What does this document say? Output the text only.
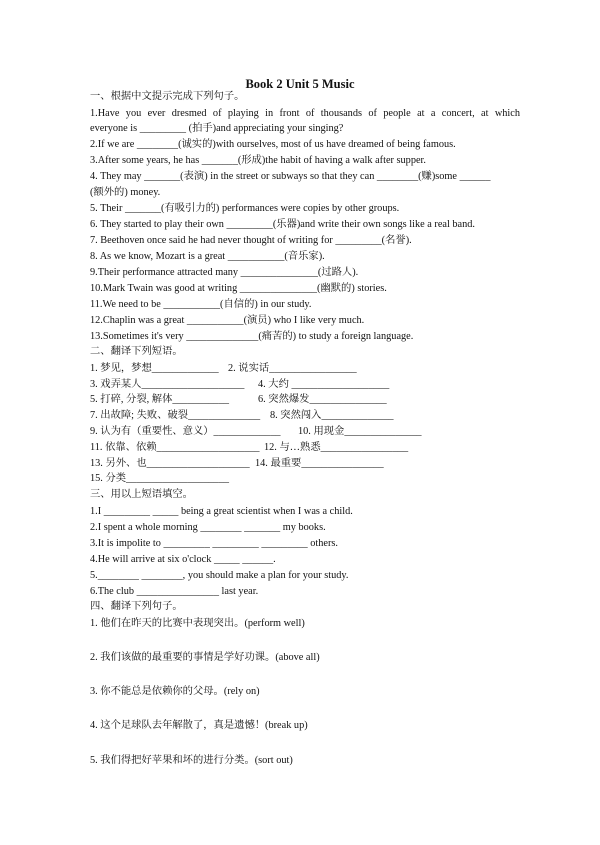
Book 2 Unit 5 Music
一、根据中文提示完成下列句子。
1.Have you ever dresmed of playing in front of thousands of people at a concert, at which
everyone is _________ (拍手)and appreciating your singing?
2.If we are ________(诚实的)with ourselves, most of us have dreamed of being famous.
3.After some years, he has _______(形成)the habit of having a walk after supper.
4. They may _______(表演) in the street or subways so that they can ________(赚)some ______
(额外的) money.
5. Their _______(有吸引力的) performances were copies by other groups.
6. They started to play their own _________(乐器)and write their own songs like a real band.
7. Beethoven once said he had never thought of writing for _________(名誉).
8. As we know, Mozart is a great ___________(音乐家).
9.Their performance attracted many _______________(过路人).
10.Mark Twain was good at writing _______________(幽默的) stories.
11.We need to be ___________(自信的) in our study.
12.Chaplin was a great ___________(演员) who I like very much.
13.Sometimes it's very ______________(痛苦的) to study a foreign language.
二、翻译下列短语。
1. 梦见，梦想_____________ 2. 说实话_________________
3. 戏弄某人____________________ 4. 大约 ___________________
5. 打碎, 分裂, 解体___________	6. 突然爆发_______________
7. 出故障; 失败、破裂______________ 8. 突然闯入______________
9. 认为有（重要性、意义）_____________ 10. 用现金_______________
11. 依靠、依赖____________________ 12. 与…熟悉_________________
13. 另外、也____________________ 14. 最重要________________
15. 分类____________________
三、用以上短语填空。
1.I _________ _____ being a great scientist when I was a child.
2.I spent a whole morning ________ _______ my books.
3.It is impolite to _________ _________ _________ others.
4.He will arrive at six o'clock _____ ______.
5.________ ________, you should make a plan for your study.
6.The club ________________ last year.
四、翻译下列句子。
1. 他们在昨天的比赛中表现突出。(perform well)
2. 我们该做的最重要的事情是学好功课。(above all)
3. 你不能总是依赖你的父母。(rely on)
4. 这个足球队去年解散了，真是遗憾！(break up)
5. 我们得把好苹果和坏的进行分类。(sort out)
